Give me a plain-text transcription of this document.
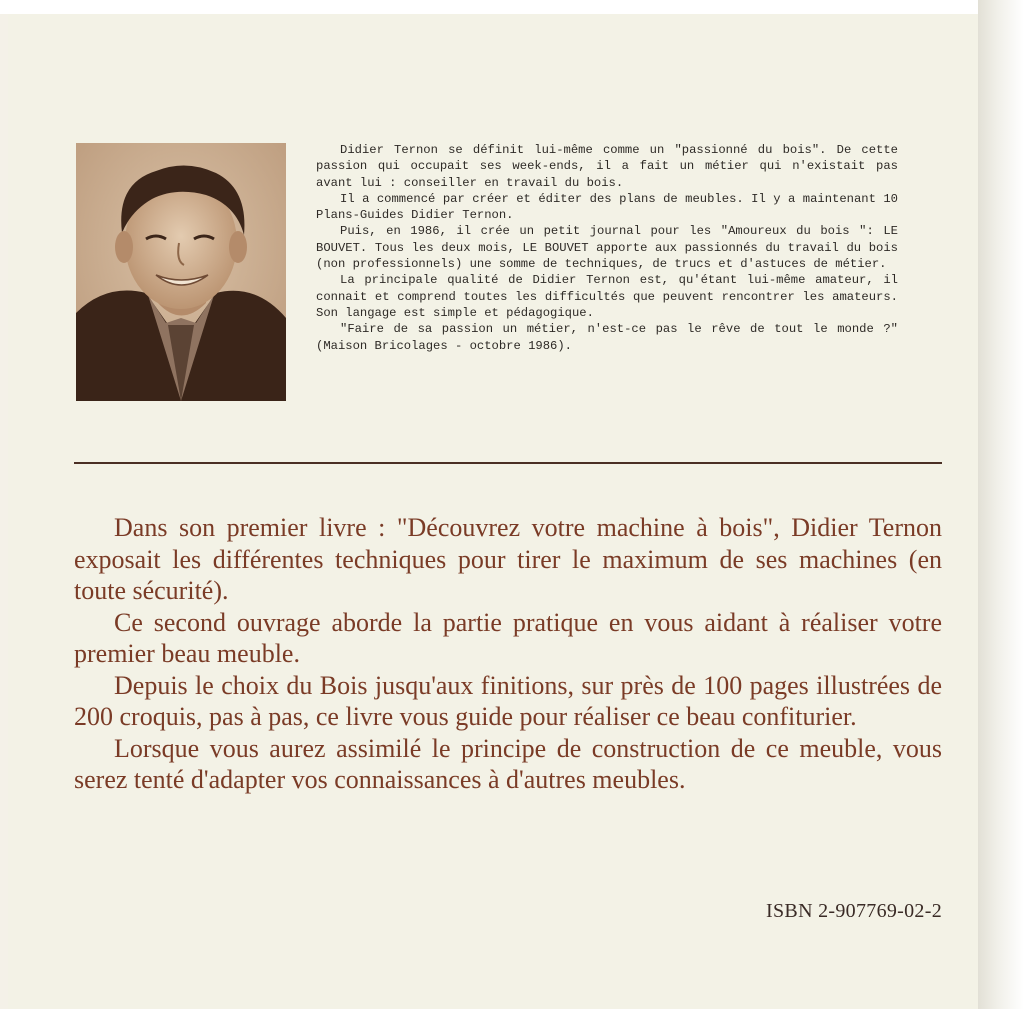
Didier Ternon se définit lui-même comme un "passionné du bois". De cette passion qui occupait ses week-ends, il a fait un métier qui n'existait pas avant lui : conseiller en travail du bois.

Il a commencé par créer et éditer des plans de meubles. Il y a maintenant 10 Plans-Guides Didier Ternon.

Puis, en 1986, il crée un petit journal pour les "Amoureux du bois ": LE BOUVET. Tous les deux mois, LE BOUVET apporte aux passionnés du travail du bois (non professionnels) une somme de techniques, de trucs et d'astuces de métier.

La principale qualité de Didier Ternon est, qu'étant lui-même amateur, il connait et comprend toutes les difficultés que peuvent rencontrer les amateurs. Son langage est simple et pédagogique.

"Faire de sa passion un métier, n'est-ce pas le rêve de tout le monde ?" (Maison Bricolages - octobre 1986).

Dans son premier livre : "Découvrez votre machine à bois", Didier Ternon exposait les différentes techniques pour tirer le maximum de ses machines (en toute sécurité).

Ce second ouvrage aborde la partie pratique en vous aidant à réaliser votre premier beau meuble.

Depuis le choix du Bois jusqu'aux finitions, sur près de 100 pages illustrées de 200 croquis, pas à pas, ce livre vous guide pour réaliser ce beau confiturier.

Lorsque vous aurez assimilé le principe de construction de ce meuble, vous serez tenté d'adapter vos connaissances à d'autres meubles.

ISBN 2-907769-02-2
